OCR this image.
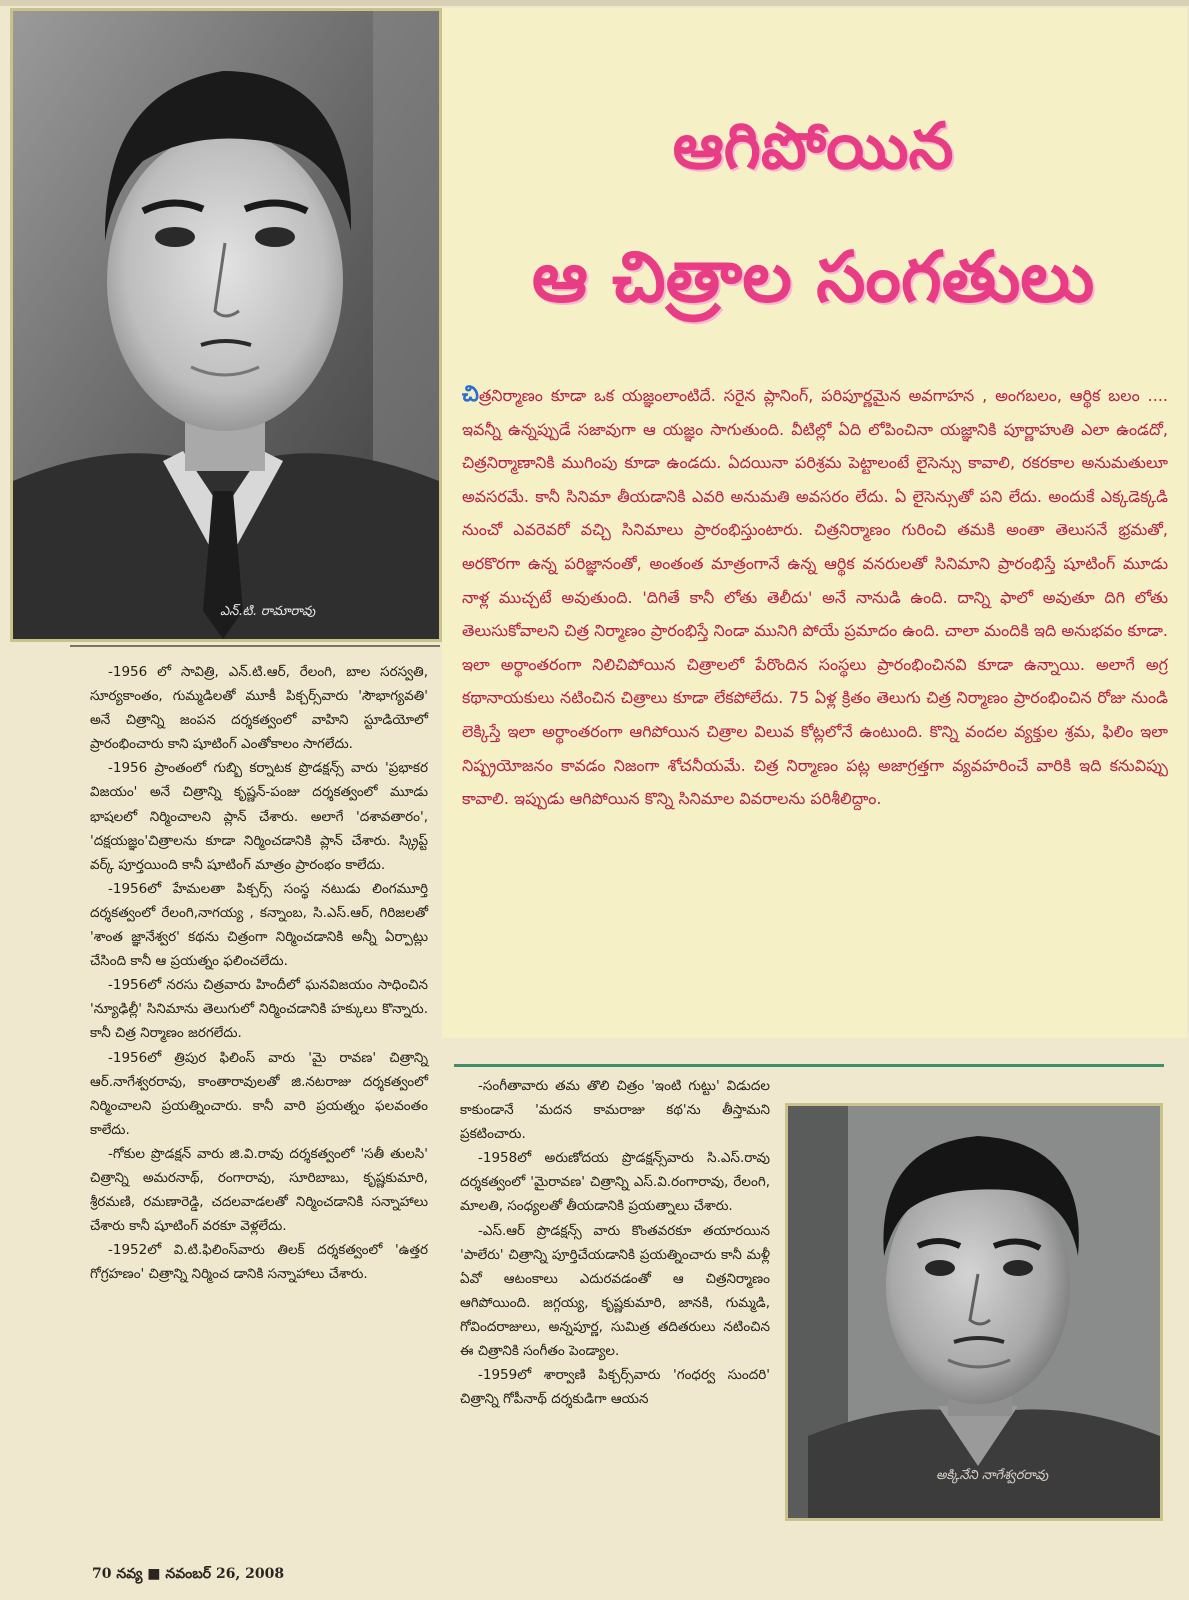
ఎన్.టి. రామారావు
ఆగిపోయిన
ఆ చిత్రాల సంగతులు
చిత్రనిర్మాణం కూడా ఒక యజ్ఞంలాంటిదే. సరైన ప్లానింగ్, పరిపూర్ణమైన అవగాహన , అంగబలం, ఆర్థిక బలం .... ఇవన్నీ ఉన్నప్పుడే సజావుగా ఆ యజ్ఞం సాగుతుంది. వీటిల్లో ఏది లోపించినా యజ్ఞానికి పూర్ణాహుతి ఎలా ఉండదో, చిత్రనిర్మాణానికి ముగింపు కూడా ఉండదు. ఏదయినా పరిశ్రమ పెట్టాలంటే లైసెన్సు కావాలి, రకరకాల అనుమతులూ అవసరమే. కానీ సినిమా తీయడానికి ఎవరి అనుమతి అవసరం లేదు. ఏ లైసెన్సుతో పని లేదు. అందుకే ఎక్కడెక్కడి నుంచో ఎవరెవరో వచ్చి సినిమాలు ప్రారంభిస్తుంటారు. చిత్రనిర్మాణం గురించి తమకి అంతా తెలుసనే భ్రమతో, అరకొరగా ఉన్న పరిజ్ఞానంతో, అంతంత మాత్రంగానే ఉన్న ఆర్థిక వనరులతో సినిమాని ప్రారంభిస్తే షూటింగ్ మూడు నాళ్ల ముచ్చటే అవుతుంది. 'దిగితే కానీ లోతు తెలీదు' అనే నానుడి ఉంది. దాన్ని ఫాలో అవుతూ దిగి లోతు తెలుసుకోవాలని చిత్ర నిర్మాణం ప్రారంభిస్తే నిండా మునిగి పోయే ప్రమాదం ఉంది. చాలా మందికి ఇది అనుభవం కూడా. ఇలా అర్థాంతరంగా నిలిచిపోయిన చిత్రాలలో పేరొందిన సంస్థలు ప్రారంభించినవి కూడా ఉన్నాయి. అలాగే అగ్ర కథానాయకులు నటించిన చిత్రాలు కూడా లేకపోలేదు. 75 ఏళ్ల క్రితం తెలుగు చిత్ర నిర్మాణం ప్రారంభించిన రోజు నుండి లెక్కిస్తే ఇలా అర్థాంతరంగా ఆగిపోయిన చిత్రాల విలువ కోట్లలోనే ఉంటుంది. కొన్ని వందల వ్యక్తుల శ్రమ, ఫిలిం ఇలా నిష్ప్రయోజనం కావడం నిజంగా శోచనీయమే. చిత్ర నిర్మాణం పట్ల అజాగ్రత్తగా వ్యవహరించే వారికి ఇది కనువిప్పు కావాలి. ఇప్పుడు ఆగిపోయిన కొన్ని సినిమాల వివరాలను పరిశీలిద్దాం.

-1956 లో సావిత్రి, ఎన్.టి.ఆర్, రేలంగి, బాల సరస్వతి, సూర్యకాంతం, గుమ్మడిలతో మూకీ పిక్చర్స్‌వారు 'సౌభాగ్యవతి' అనే చిత్రాన్ని జంపన దర్శకత్వంలో వాహిని స్టూడియోలో ప్రారంభించారు కాని షూటింగ్ ఎంతోకాలం సాగలేదు.

-1956 ప్రాంతంలో గుబ్బి కర్నాటక ప్రొడక్షన్స్ వారు 'ప్రభాకర విజయం' అనే చిత్రాన్ని కృష్ణన్-పంజు దర్శకత్వంలో మూడు భాషలలో నిర్మించాలని ప్లాన్ చేశారు. అలాగే 'దశావతారం', 'దక్షయజ్ఞం'చిత్రాలను కూడా నిర్మించడానికి ప్లాన్ చేశారు. స్క్రిప్ట్ వర్క్ పూర్తయింది కానీ షూటింగ్ మాత్రం ప్రారంభం కాలేదు.

-1956లో హేమలతా పిక్చర్స్ సంస్థ నటుడు లింగమూర్తి దర్శకత్వంలో రేలంగి,నాగయ్య , కన్నాంబ, సి.ఎస్.ఆర్, గిరిజలతో 'శాంత జ్ఞానేశ్వర' కథను చిత్రంగా నిర్మించడానికి అన్నీ ఏర్పాట్లు చేసింది కానీ ఆ ప్రయత్నం ఫలించలేదు.

-1956లో నరసు చిత్రవారు హిందీలో ఘనవిజయం సాధించిన 'న్యూఢిల్లీ' సినిమాను తెలుగులో నిర్మించడానికి హక్కులు కొన్నారు. కానీ చిత్ర నిర్మాణం జరగలేదు.

-1956లో త్రిపుర ఫిలింస్ వారు 'మై రావణ' చిత్రాన్ని ఆర్.నాగేశ్వరరావు, కాంతారావులతో జి.నటరాజు దర్శకత్వంలో నిర్మించాలని ప్రయత్నించారు. కానీ వారి ప్రయత్నం ఫలవంతం కాలేదు.

-గోకుల ప్రొడక్షన్ వారు జి.వి.రావు దర్శకత్వంలో 'సతీ తులసి' చిత్రాన్ని అమరనాథ్, రంగారావు, సూరిబాబు, కృష్ణకుమారి, శ్రీరమణి, రమణారెడ్డి, చదలవాడలతో నిర్మించడానికి సన్నాహాలు చేశారు కానీ షూటింగ్ వరకూ వెళ్లలేదు.

-1952లో వి.టి.ఫిలింస్‌వారు తిలక్ దర్శకత్వంలో 'ఉత్తర గోగ్రహణం' చిత్రాన్ని నిర్మించ డానికి సన్నాహాలు చేశారు.

-సంగీతావారు తమ తొలి చిత్రం 'ఇంటి గుట్టు' విడుదల కాకుండానే 'మదన కామరాజు కథ'ను తీస్తామని ప్రకటించారు.

-1958లో అరుణోదయ ప్రొడక్షన్స్‌వారు సి.ఎస్.రావు దర్శకత్వంలో 'మైరావణ' చిత్రాన్ని ఎస్.వి.రంగారావు, రేలంగి, మాలతి, సంధ్యలతో తీయడానికి ప్రయత్నాలు చేశారు.

-ఎస్.ఆర్ ప్రొడక్షన్స్ వారు కొంతవరకూ తయారయిన 'పాలేరు' చిత్రాన్ని పూర్తిచేయడానికి ప్రయత్నించారు కానీ మళ్లీ ఏవో ఆటంకాలు ఎదురవడంతో ఆ చిత్రనిర్మాణం ఆగిపోయింది. జగ్గయ్య, కృష్ణకుమారి, జానకి, గుమ్మడి, గోవిందరాజులు, అన్నపూర్ణ, సుమిత్ర తదితరులు నటించిన ఈ చిత్రానికి సంగీతం పెండ్యాల.

-1959లో శార్వాణి పిక్చర్స్‌వారు 'గంధర్వ సుందరి' చిత్రాన్ని గోపీనాథ్ దర్శకుడిగా ఆయన

అక్కినేని నాగేశ్వరరావు
70 నవ్య ■ నవంబర్ 26, 2008
